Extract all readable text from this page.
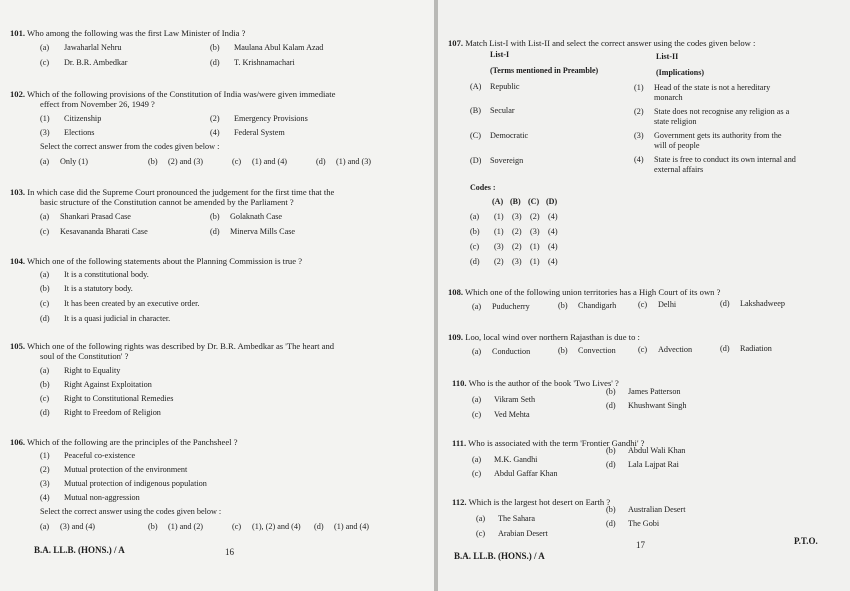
101. Who among the following was the first Law Minister of India ?
(a) Jawaharlal Nehru	(b) Maulana Abul Kalam Azad
(c) Dr. B.R. Ambedkar	(d) T. Krishnamachari
102. Which of the following provisions of the Constitution of India was/were given immediate
effect from November 26, 1949 ?
(1) Citizenship	(2) Emergency Provisions
(3) Elections	(4) Federal System
Select the correct answer from the codes given below :
(a) Only (1)	(b) (2) and (3)	(c) (1) and (4)	(d) (1) and (3)
103. In which case did the Supreme Court pronounced the judgement for the first time that the
basic structure of the Constitution cannot be amended by the Parliament ?
(a) Shankari Prasad Case	(b) Golaknath Case
(c) Kesavananda Bharati Case	(d) Minerva Mills Case
104. Which one of the following statements about the Planning Commission is true ?
(a) It is a constitutional body.
(b) It is a statutory body.
(c) It has been created by an executive order.
(d) It is a quasi judicial in character.
105. Which one of the following rights was described by Dr. B.R. Ambedkar as 'The heart and
soul of the Constitution' ?
(a) Right to Equality
(b) Right Against Exploitation
(c) Right to Constitutional Remedies
(d) Right to Freedom of Religion
106. Which of the following are the principles of the Panchsheel ?
(1) Peaceful co-existence
(2) Mutual protection of the environment
(3) Mutual protection of indigenous population
(4) Mutual non-aggression
Select the correct answer using the codes given below :
(a) (3) and (4)	(b) (1) and (2)	(c) (1), (2) and (4) (d) (1) and (4)
B.A. LL.B. (HONS.) / A	16
107. Match List-I with List-II and select the correct answer using the codes given below :
List-I	List-II
(Terms mentioned in Preamble)	(Implications)
(A) Republic	(1) Head of the state is not a hereditary
monarch
(B) Secular	(2) State does not recognise any religion as a
state religion
(C) Democratic	(3) Government gets its authority from the
will of people
(D) Sovereign	(4) State is free to conduct its own internal and
external affairs
Codes :
(A) (B) (C) (D)
(a) (1) (3) (2) (4)
(b) (1) (2) (3) (4)
(c) (3) (2) (1) (4)
(d) (2) (3) (1) (4)
108. Which one of the following union territories has a High Court of its own ?
(a) Puducherry	(b) Chandigarh	(c) Delhi	(d) Lakshadweep
109. Loo, local wind over northern Rajasthan is due to :
(a) Conduction	(b) Convection	(c) Advection	(d) Radiation
110. Who is the author of the book 'Two Lives' ?
(a) Vikram Seth
(b) James Patterson
(c) Ved Mehta
(d) Khushwant Singh
111. Who is associated with the term 'Frontier Gandhi' ?
(a) M.K. Gandhi
(b) Abdul Wali Khan
(c) Abdul Gaffar Khan
(d) Lala Lajpat Rai
112. Which is the largest hot desert on Earth ?
(a) The Sahara
(b) Australian Desert
(c) Arabian Desert
(d) The Gobi
17	P.T.O.
B.A. LL.B. (HONS.) / A
